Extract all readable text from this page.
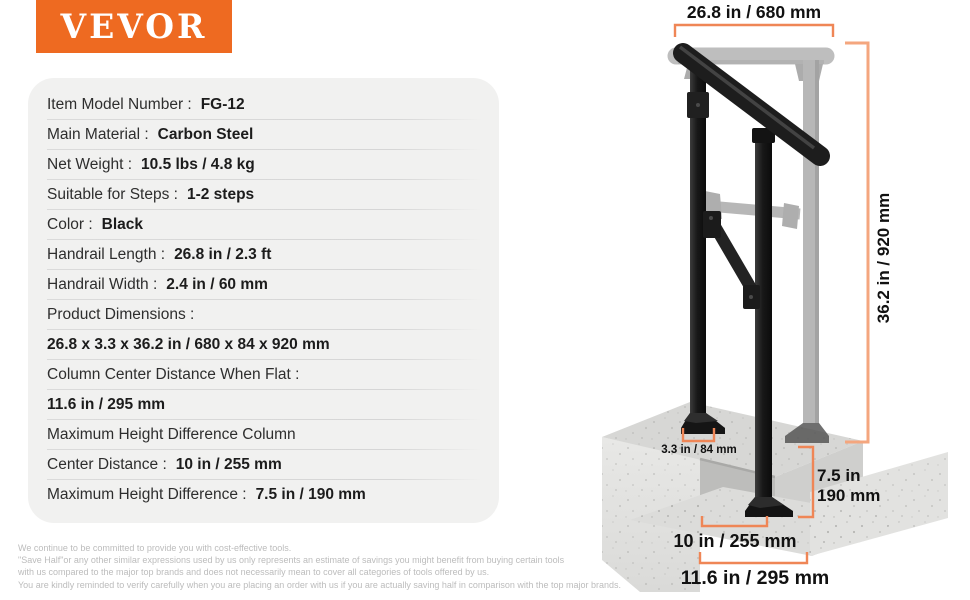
VEVOR
Item Model Number : FG-12
Main Material : Carbon Steel
Net Weight : 10.5 lbs / 4.8 kg
Suitable for Steps : 1-2 steps
Color : Black
Handrail Length : 26.8 in / 2.3 ft
Handrail Width : 2.4 in / 60 mm
Product Dimensions :
26.8 x 3.3 x 36.2 in / 680 x 84 x 920 mm
Column Center Distance When Flat :
11.6 in / 295 mm
Maximum Height Difference Column
Center Distance : 10 in / 255 mm
Maximum Height Difference : 7.5 in / 190 mm
26.8 in / 680 mm
36.2 in / 920 mm
3.3 in / 84 mm
7.5 in
190 mm
10 in / 255 mm
11.6 in / 295 mm
We continue to be committed to provide you with cost-effective tools.
"Save Half"or any other similar expressions used by us only represents an estimate of savings you might benefit from buying certain tools
with us compared to the major top brands and does not necessarily mean to cover all categories of tools offered by us.
You are kindly reminded to verify carefully when you are placing an order with us if you are actually saving half in comparison with the top major brands.
